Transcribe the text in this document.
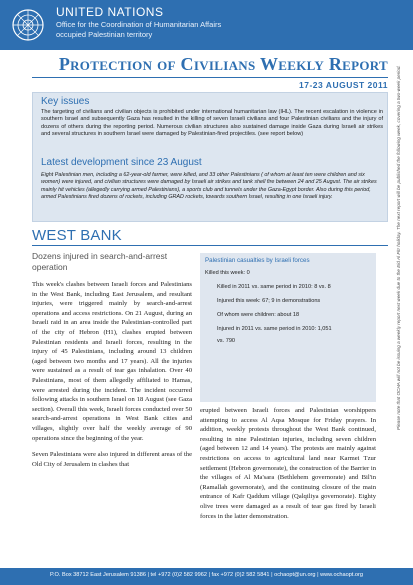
UNITED NATIONS
Office for the Coordination of Humanitarian Affairs
occupied Palestinian territory
Protection of Civilians Weekly Report
17-23 AUGUST 2011
Key issues
The targeting of civilians and civilian objects is prohibited under international humanitarian law (IHL). The recent escalation in violence in southern Israel and subsequently Gaza has resulted in the killing of seven Israeli civilians and four Palestinian civilians and the injury of dozens of others during the reporting period. Numerous civilian structures also sustained damage inside Gaza during Israeli air strikes and several structures in southern Israel were damaged by Palestinian-fired projectiles. (see report below)
Latest development since 23 August
Eight Palestinian men, including a 62-year-old farmer, were killed, and 33 other Palestinians ( of whom at least ten were children and six women) were injured, and civilian structures were damaged by Israeli air strikes and tank shell fire between 24 and 25 August. The air strikes mainly hit vehicles (allegedly carrying armed Palestinians), a sports club and tunnels under the Gaza-Egypt border. Also during this period, armed Palestinians fired dozens of rockets, including GRAD rockets, towards southern Israel, resulting in one Israeli injury.
WEST BANK
Dozens injured in search-and-arrest operation

This week's clashes between Israeli forces and Palestinians in the West Bank, including East Jerusalem, and resultant injuries, were triggered mainly by search-and-arrest operations and access restrictions. On 21 August, during an Israeli raid in an area inside the Palestinian-controlled part of the city of Hebron (H1), clashes erupted between Palestinian residents and Israeli forces, resulting in the injury of 45 Palestinians, including around 13 children (aged between two months and 17 years). All the injuries were sustained as a result of tear gas inhalation. Over 40 Palestinians, most of them allegedly affiliated to Hamas, were arrested during the incident. The incident occurred following attacks in southern Israel on 18 August (see Gaza section). Overall this week, Israeli forces conducted over 50 search-and-arrest operations in West Bank cities and villages, slightly over half the weekly average of 90 operations since the beginning of the year.

Seven Palestinians were also injured in different areas of the Old City of Jerusalem in clashes that

Palestinian casualties by Israeli forces
Killed this week: 0
Killed in 2011 vs. same period in 2010: 8 vs. 8
Injured this week: 67; 9 in demonstrations
Of whom were children: about 18
Injured in 2011 vs. same period in 2010: 1,051
vs. 790
erupted between Israeli forces and Palestinian worshippers attempting to access Al Aqsa Mosque for Friday prayers. In addition, weekly protests throughout the West Bank continued, resulting in nine Palestinian injuries, including seven children (aged between 12 and 14 years). The protests are mainly against restrictions on access to agricultural land near Karmei Tzur settlement (Hebron governorate), the construction of the Barrier in the villages of Al Ma'sara (Bethlehem governorate) and Bil'in (Ramallah governorate), and the continuing closure of the main entrance of Kafr Qaddum village (Qalqiliya governorate). Eighty olive trees were damaged as a result of tear gas fired by Israeli forces in the latter demonstration.
Please note that OCHA will not be issuing a weekly report next week due to the Eid Al Fitr holiday. The next report will be published the following week, covering a two-week period.
P.O. Box 38712 East Jerusalem 91386 | tel +972 (0)2 582 9962 | fax +972 (0)2 582 5841 | ochaopt@un.org | www.ochaopt.org
